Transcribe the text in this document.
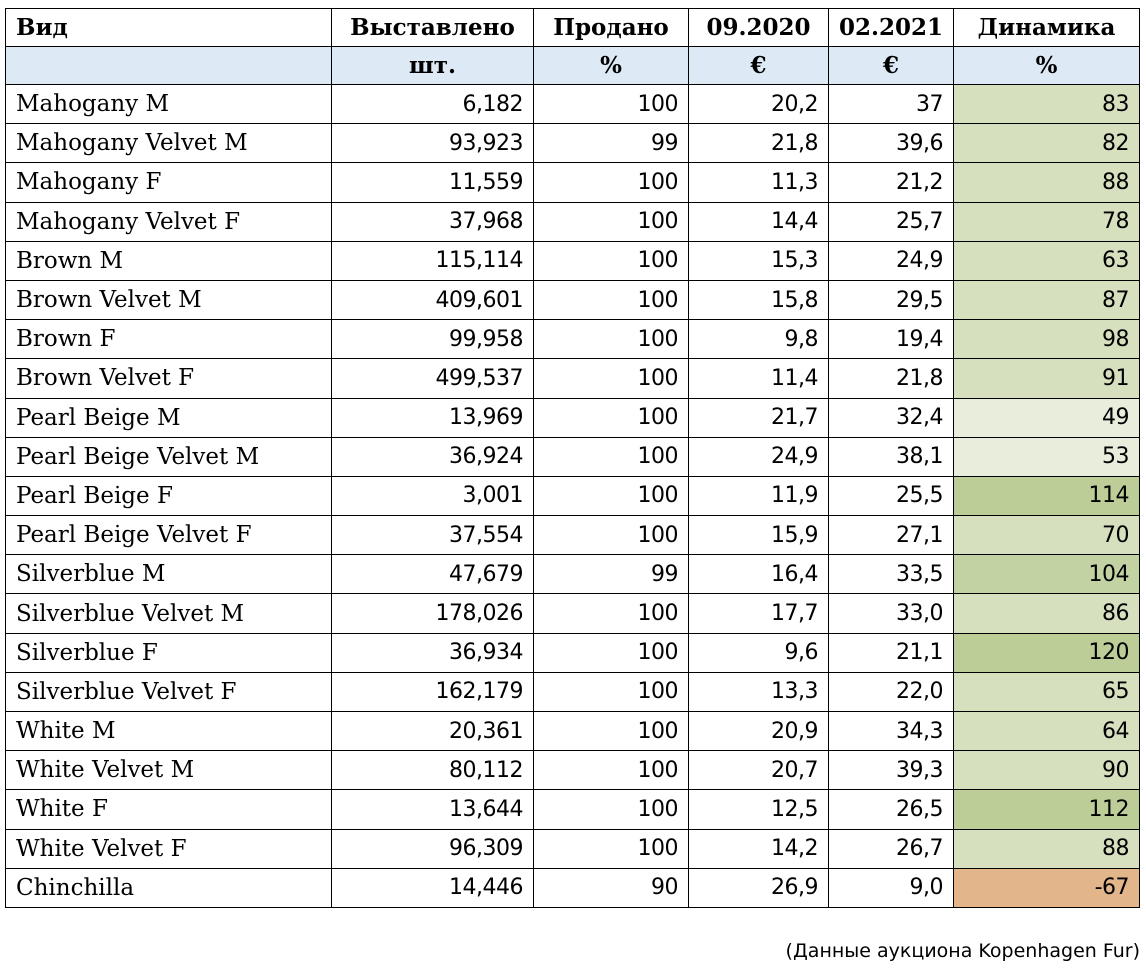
Вид	Выставлено	Продано	09.2020	02.2021	Динамика
	шт.	%	€	€	%
Mahogany M	6,182	100	20,2	37	83
Mahogany Velvet M	93,923	99	21,8	39,6	82
Mahogany F	11,559	100	11,3	21,2	88
Mahogany Velvet F	37,968	100	14,4	25,7	78
Brown M	115,114	100	15,3	24,9	63
Brown Velvet M	409,601	100	15,8	29,5	87
Brown F	99,958	100	9,8	19,4	98
Brown Velvet F	499,537	100	11,4	21,8	91
Pearl Beige M	13,969	100	21,7	32,4	49
Pearl Beige Velvet M	36,924	100	24,9	38,1	53
Pearl Beige F	3,001	100	11,9	25,5	114
Pearl Beige Velvet F	37,554	100	15,9	27,1	70
Silverblue M	47,679	99	16,4	33,5	104
Silverblue Velvet M	178,026	100	17,7	33,0	86
Silverblue F	36,934	100	9,6	21,1	120
Silverblue Velvet F	162,179	100	13,3	22,0	65
White M	20,361	100	20,9	34,3	64
White Velvet M	80,112	100	20,7	39,3	90
White F	13,644	100	12,5	26,5	112
White Velvet F	96,309	100	14,2	26,7	88
Chinchilla	14,446	90	26,9	9,0	-67
(Данные аукциона Kopenhagen Fur)
